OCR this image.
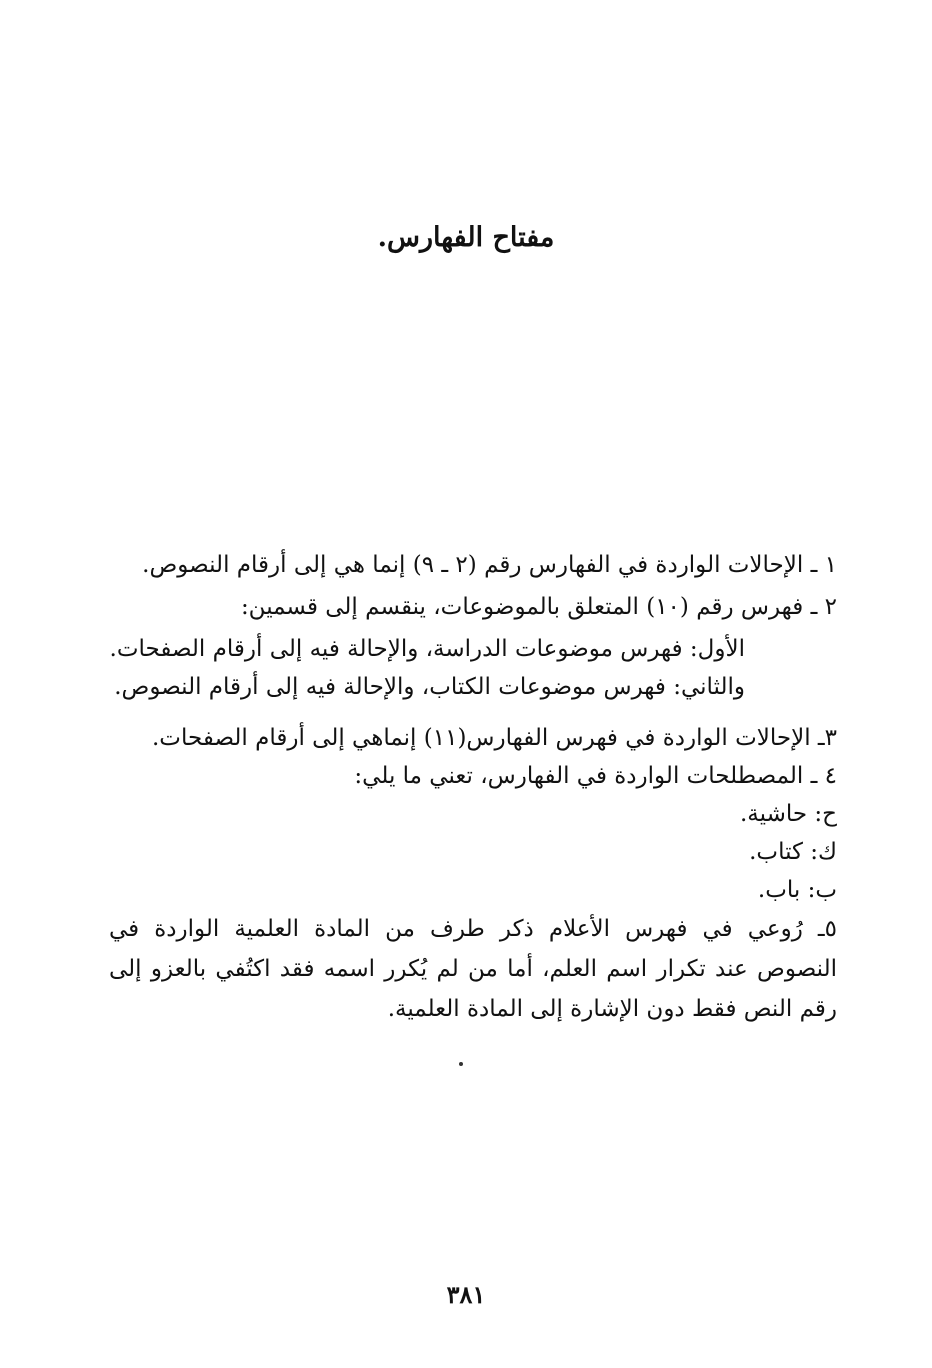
مفتاح الفهارس.
١ ـ الإحالات الواردة في الفهارس رقم (٢ ـ ٩) إنما هي إلى أرقام النصوص.
٢ ـ فهرس رقم (١٠) المتعلق بالموضوعات، ينقسم إلى قسمين:
الأول: فهرس موضوعات الدراسة، والإحالة فيه إلى أرقام الصفحات.
والثاني: فهرس موضوعات الكتاب، والإحالة فيه إلى أرقام النصوص.
٣ـ الإحالات الواردة في فهرس الفهارس(١١) إنماهي إلى أرقام الصفحات.
٤ ـ المصطلحات الواردة في الفهارس، تعني ما يلي:
ح: حاشية.
ك: كتاب.
ب: باب.
٥ـ رُوعي في فهرس الأعلام ذكر طرف من المادة العلمية الواردة في النصوص عند تكرار اسم العلم، أما من لم يُكرر اسمه فقد اكتُفي بالعزو إلى رقم النص فقط دون الإشارة إلى المادة العلمية.
٣٨١
